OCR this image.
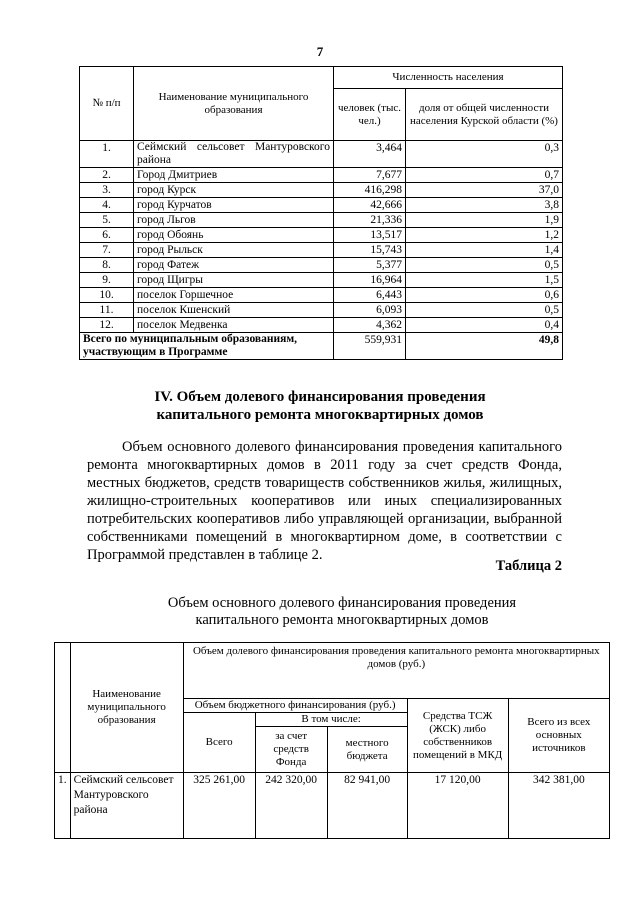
7
№ п/п	Наименование муниципального образования	Численность населения	
		человек (тыс. чел.)	доля от общей численности населения Курской области (%)
1.	Сеймский сельсовет Мантуровского района	3,464	0,3
2.	Город Дмитриев	7,677	0,7
3.	город Курск	416,298	37,0
4.	город Курчатов	42,666	3,8
5.	город Льгов	21,336	1,9
6.	город Обоянь	13,517	1,2
7.	город Рыльск	15,743	1,4
8.	город Фатеж	5,377	0,5
9.	город Щигры	16,964	1,5
10.	поселок Горшечное	6,443	0,6
11.	поселок Кшенский	6,093	0,5
12.	поселок Медвенка	4,362	0,4
Всего по муниципальным образованиям, участвующим в Программе		559,931	49,8
IV. Объем долевого финансирования проведения
капитального ремонта многоквартирных домов
Объем основного долевого финансирования проведения капитального ремонта многоквартирных домов в 2011 году за счет средств Фонда, местных бюджетов, средств товариществ собственников жилья, жилищных, жилищно-строительных кооперативов или иных специализированных потребительских кооперативов либо управляющей организации, выбранной собственниками помещений в многоквартирном доме, в соответствии с Программой представлен в таблице 2.
Таблица 2
Объем основного долевого финансирования проведения
капитального ремонта многоквартирных домов
	Наименование муниципального образования	Объем долевого финансирования проведения капитального ремонта многоквартирных домов (руб.)				
		Объем бюджетного финансирования (руб.)			Средства ТСЖ (ЖСК) либо собственников помещений в МКД	Всего из всех основных источников
		Всего	В том числе:			
			за счет средств Фонда	местного бюджета		
1.	Сеймский сельсовет Мантуровского района	325 261,00	242 320,00	82 941,00	17 120,00	342 381,00
